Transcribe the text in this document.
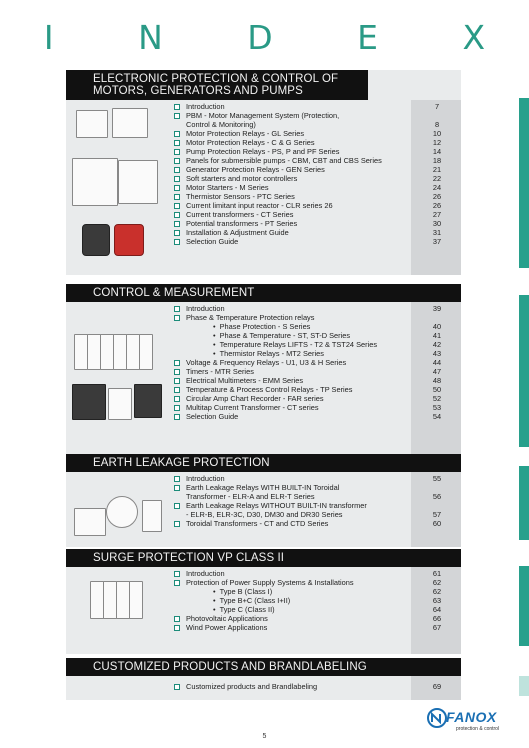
I N D E X
ELECTRONIC PROTECTION & CONTROL OF MOTORS, GENERATORS AND PUMPS
Introduction	7
PBM - Motor Management System (Protection,
Control & Monitoring)	8
Motor Protection Relays - GL Series	10
Motor Protection Relays - C & G Series	12
Pump Protection Relays - PS, P and PF Series	14
Panels for submersible pumps - CBM, CBT and CBS Series	18
Generator Protection Relays - GEN Series	21
Soft starters and motor controllers	22
Motor Starters - M Series	24
Thermistor Sensors - PTC Series	26
Current limitant input reactor - CLR series 26	26
Current transformers - CT Series	27
Potential transformers - PT Series	30
Installation & Adjustment Guide	31
Selection Guide	37
CONTROL & MEASUREMENT
Introduction	39
Phase & Temperature Protection relays
• Phase Protection - S Series	40
• Phase & Temperature - ST, ST-D Series	41
• Temperature Relays LIFTS - T2 & TST24 Series	42
• Thermistor Relays - MT2 Series	43
Voltage & Frequency Relays - U1, U3 & H Series	44
Timers - MTR Series	47
Electrical Multimeters - EMM Series	48
Temperature & Process Control Relays - TP Series	50
Circular Amp Chart Recorder - FAR series	52
Multitap Current Transformer - CT series	53
Selection Guide	54
EARTH LEAKAGE PROTECTION
Introduction	55
Earth Leakage Relays WITH BUILT-IN Toroidal
Transformer - ELR-A and ELR-T Series	56
Earth Leakage Relays WITHOUT BUILT-IN transformer
- ELR-B, ELR-3C, D30, DM30 and DR30 Series	57
Toroidal Transformers - CT and CTD Series	60
SURGE PROTECTION VP CLASS II
Introduction	61
Protection of Power Supply Systems & Installations	62
• Type B (Class I)	62
• Type B+C (Class I+II)	63
• Type C (Class II)	64
Photovoltaic Applications	66
Wind Power Applications	67
CUSTOMIZED PRODUCTS AND BRANDLABELING
Customized products and Brandlabeling	69
FANOX
protection & control
5
